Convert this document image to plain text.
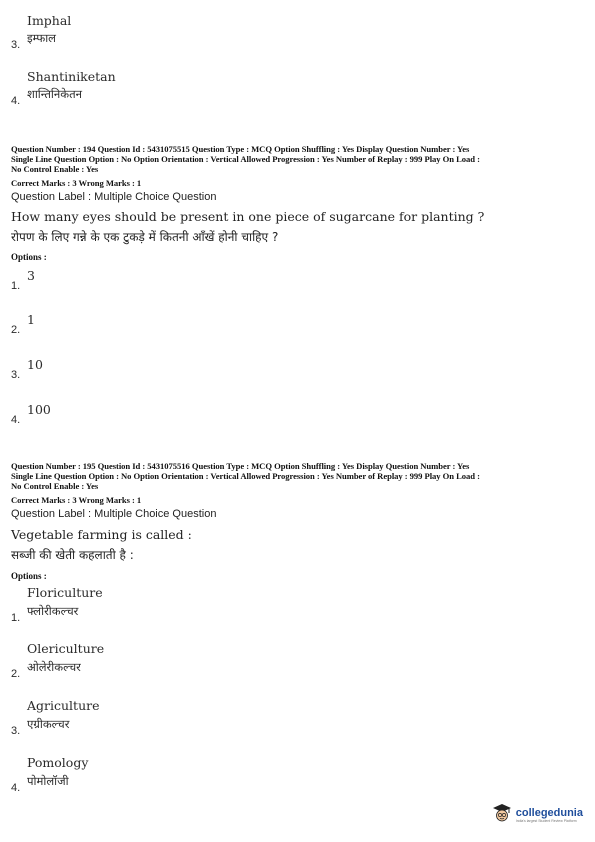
Imphal
इम्फाल
3.
Shantiniketan
शान्तिनिकेतन
4.
Question Number : 194 Question Id : 5431075515 Question Type : MCQ Option Shuffling : Yes Display Question Number : Yes
Single Line Question Option : No Option Orientation : Vertical Allowed Progression : Yes Number of Replay : 999 Play On Load :
No Control Enable : Yes
Correct Marks : 3 Wrong Marks : 1
Question Label : Multiple Choice Question
How many eyes should be present in one piece of sugarcane for planting ?
रोपण के लिए गन्ने के एक टुकड़े में कितनी आँखें होनी चाहिए ?
Options :
3
1.
1
2.
10
3.
100
4.
Question Number : 195 Question Id : 5431075516 Question Type : MCQ Option Shuffling : Yes Display Question Number : Yes
Single Line Question Option : No Option Orientation : Vertical Allowed Progression : Yes Number of Replay : 999 Play On Load :
No Control Enable : Yes
Correct Marks : 3 Wrong Marks : 1
Question Label : Multiple Choice Question
Vegetable farming is called :
सब्जी की खेती कहलाती है :
Options :
Floriculture
फ्लोरीकल्चर
1.
Olericulture
ओलेरीकल्चर
2.
Agriculture
एग्रीकल्चर
3.
Pomology
पोमोलॉजी
4.
collegedunia
India's largest Student Review Platform
